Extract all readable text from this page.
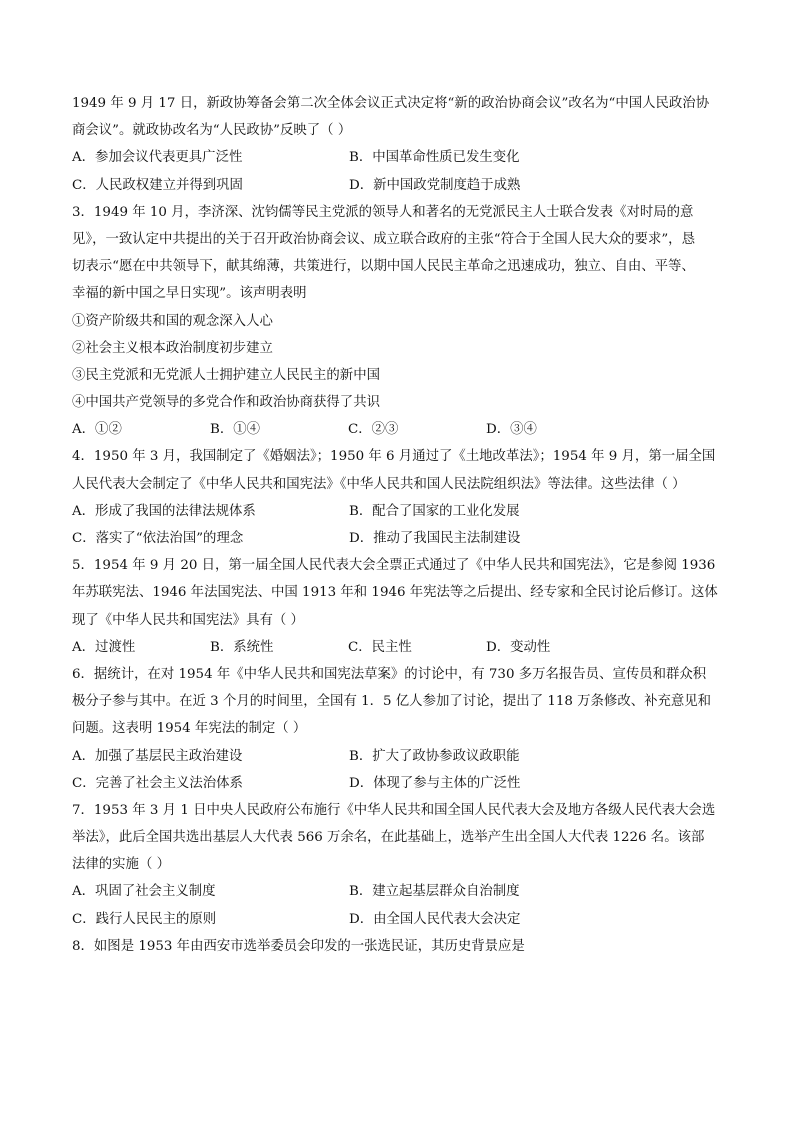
1949 年 9 月 17 日，新政协筹备会第二次全体会议正式决定将“新的政治协商会议”改名为“中国人民政治协
商会议”。就政协改名为“人民政协”反映了（ ）
A．参加会议代表更具广泛性	B．中国革命性质已发生变化
C．人民政权建立并得到巩固	D．新中国政党制度趋于成熟
3．1949 年 10 月，李济深、沈钧儒等民主党派的领导人和著名的无党派民主人士联合发表《对时局的意
见》，一致认定中共提出的关于召开政治协商会议、成立联合政府的主张“符合于全国人民大众的要求”，恳
切表示“愿在中共领导下，献其绵薄，共策进行，以期中国人民民主革命之迅速成功，独立、自由、平等、
幸福的新中国之早日实现”。该声明表明
①资产阶级共和国的观念深入人心
②社会主义根本政治制度初步建立
③民主党派和无党派人士拥护建立人民民主的新中国
④中国共产党领导的多党合作和政治协商获得了共识
A．①②	B．①④	C．②③	D．③④
4．1950 年 3 月，我国制定了《婚姻法》；1950 年 6 月通过了《土地改革法》；1954 年 9 月，第一届全国
人民代表大会制定了《中华人民共和国宪法》《中华人民共和国人民法院组织法》等法律。这些法律（ ）
A．形成了我国的法律法规体系	B．配合了国家的工业化发展
C．落实了“依法治国”的理念	D．推动了我国民主法制建设
5．1954 年 9 月 20 日，第一届全国人民代表大会全票正式通过了《中华人民共和国宪法》，它是参阅 1936
年苏联宪法、1946 年法国宪法、中国 1913 年和 1946 年宪法等之后提出、经专家和全民讨论后修订。这体
现了《中华人民共和国宪法》具有（ ）
A．过渡性	B．系统性	C．民主性	D．变动性
6．据统计，在对 1954 年《中华人民共和国宪法草案》的讨论中，有 730 多万名报告员、宣传员和群众积
极分子参与其中。在近 3 个月的时间里，全国有 1．5 亿人参加了讨论，提出了 118 万条修改、补充意见和
问题。这表明 1954 年宪法的制定（ ）
A．加强了基层民主政治建设	B．扩大了政协参政议政职能
C．完善了社会主义法治体系	D．体现了参与主体的广泛性
7．1953 年 3 月 1 日中央人民政府公布施行《中华人民共和国全国人民代表大会及地方各级人民代表大会选
举法》，此后全国共选出基层人大代表 566 万余名，在此基础上，选举产生出全国人大代表 1226 名。该部
法律的实施（ ）
A．巩固了社会主义制度	B．建立起基层群众自治制度
C．践行人民民主的原则	D．由全国人民代表大会决定
8．如图是 1953 年由西安市选举委员会印发的一张选民证，其历史背景应是
